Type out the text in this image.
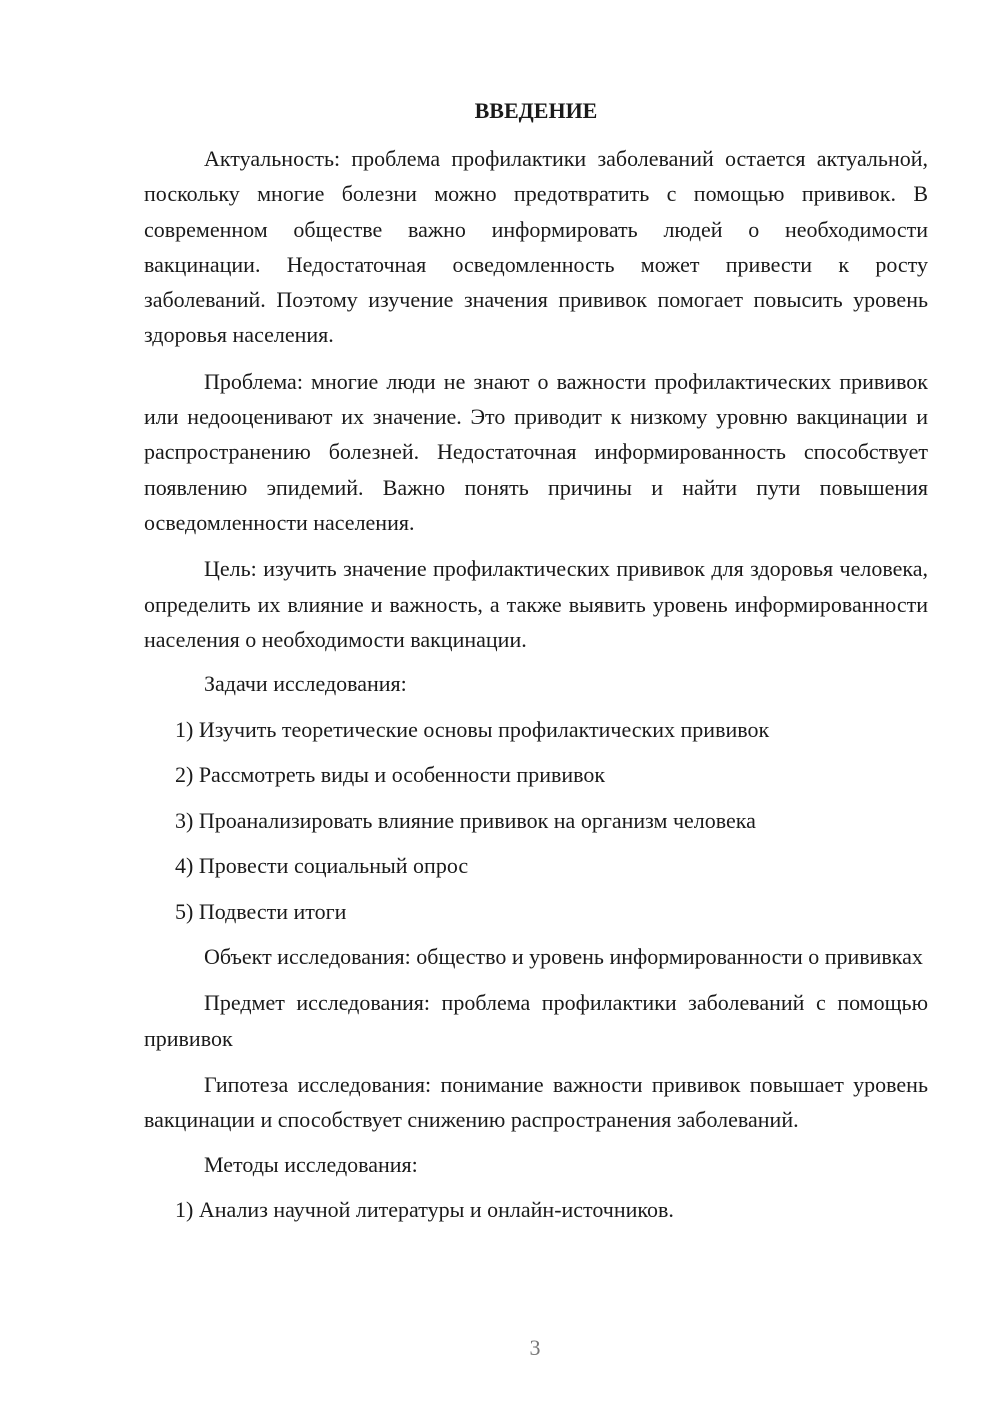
ВВЕДЕНИЕ

Актуальность: проблема профилактики заболеваний остается актуальной, поскольку многие болезни можно предотвратить с помощью прививок. В современном обществе важно информировать людей о необходимости вакцинации. Недостаточная осведомленность может привести к росту заболеваний. Поэтому изучение значения прививок помогает повысить уровень здоровья населения.

Проблема: многие люди не знают о важности профилактических прививок или недооценивают их значение. Это приводит к низкому уровню вакцинации и распространению болезней. Недостаточная информированность способствует появлению эпидемий. Важно понять причины и найти пути повышения осведомленности населения.

Цель: изучить значение профилактических прививок для здоровья человека, определить их влияние и важность, а также выявить уровень информированности населения о необходимости вакцинации.

Задачи исследования:

1) Изучить теоретические основы профилактических прививок

2) Рассмотреть виды и особенности прививок

3) Проанализировать влияние прививок на организм человека

4) Провести социальный опрос

5) Подвести итоги

Объект исследования: общество и уровень информированности о прививках

Предмет исследования: проблема профилактики заболеваний с помощью прививок

Гипотеза исследования: понимание важности прививок повышает уровень вакцинации и способствует снижению распространения заболеваний.

Методы исследования:

1) Анализ научной литературы и онлайн-источников.

3
